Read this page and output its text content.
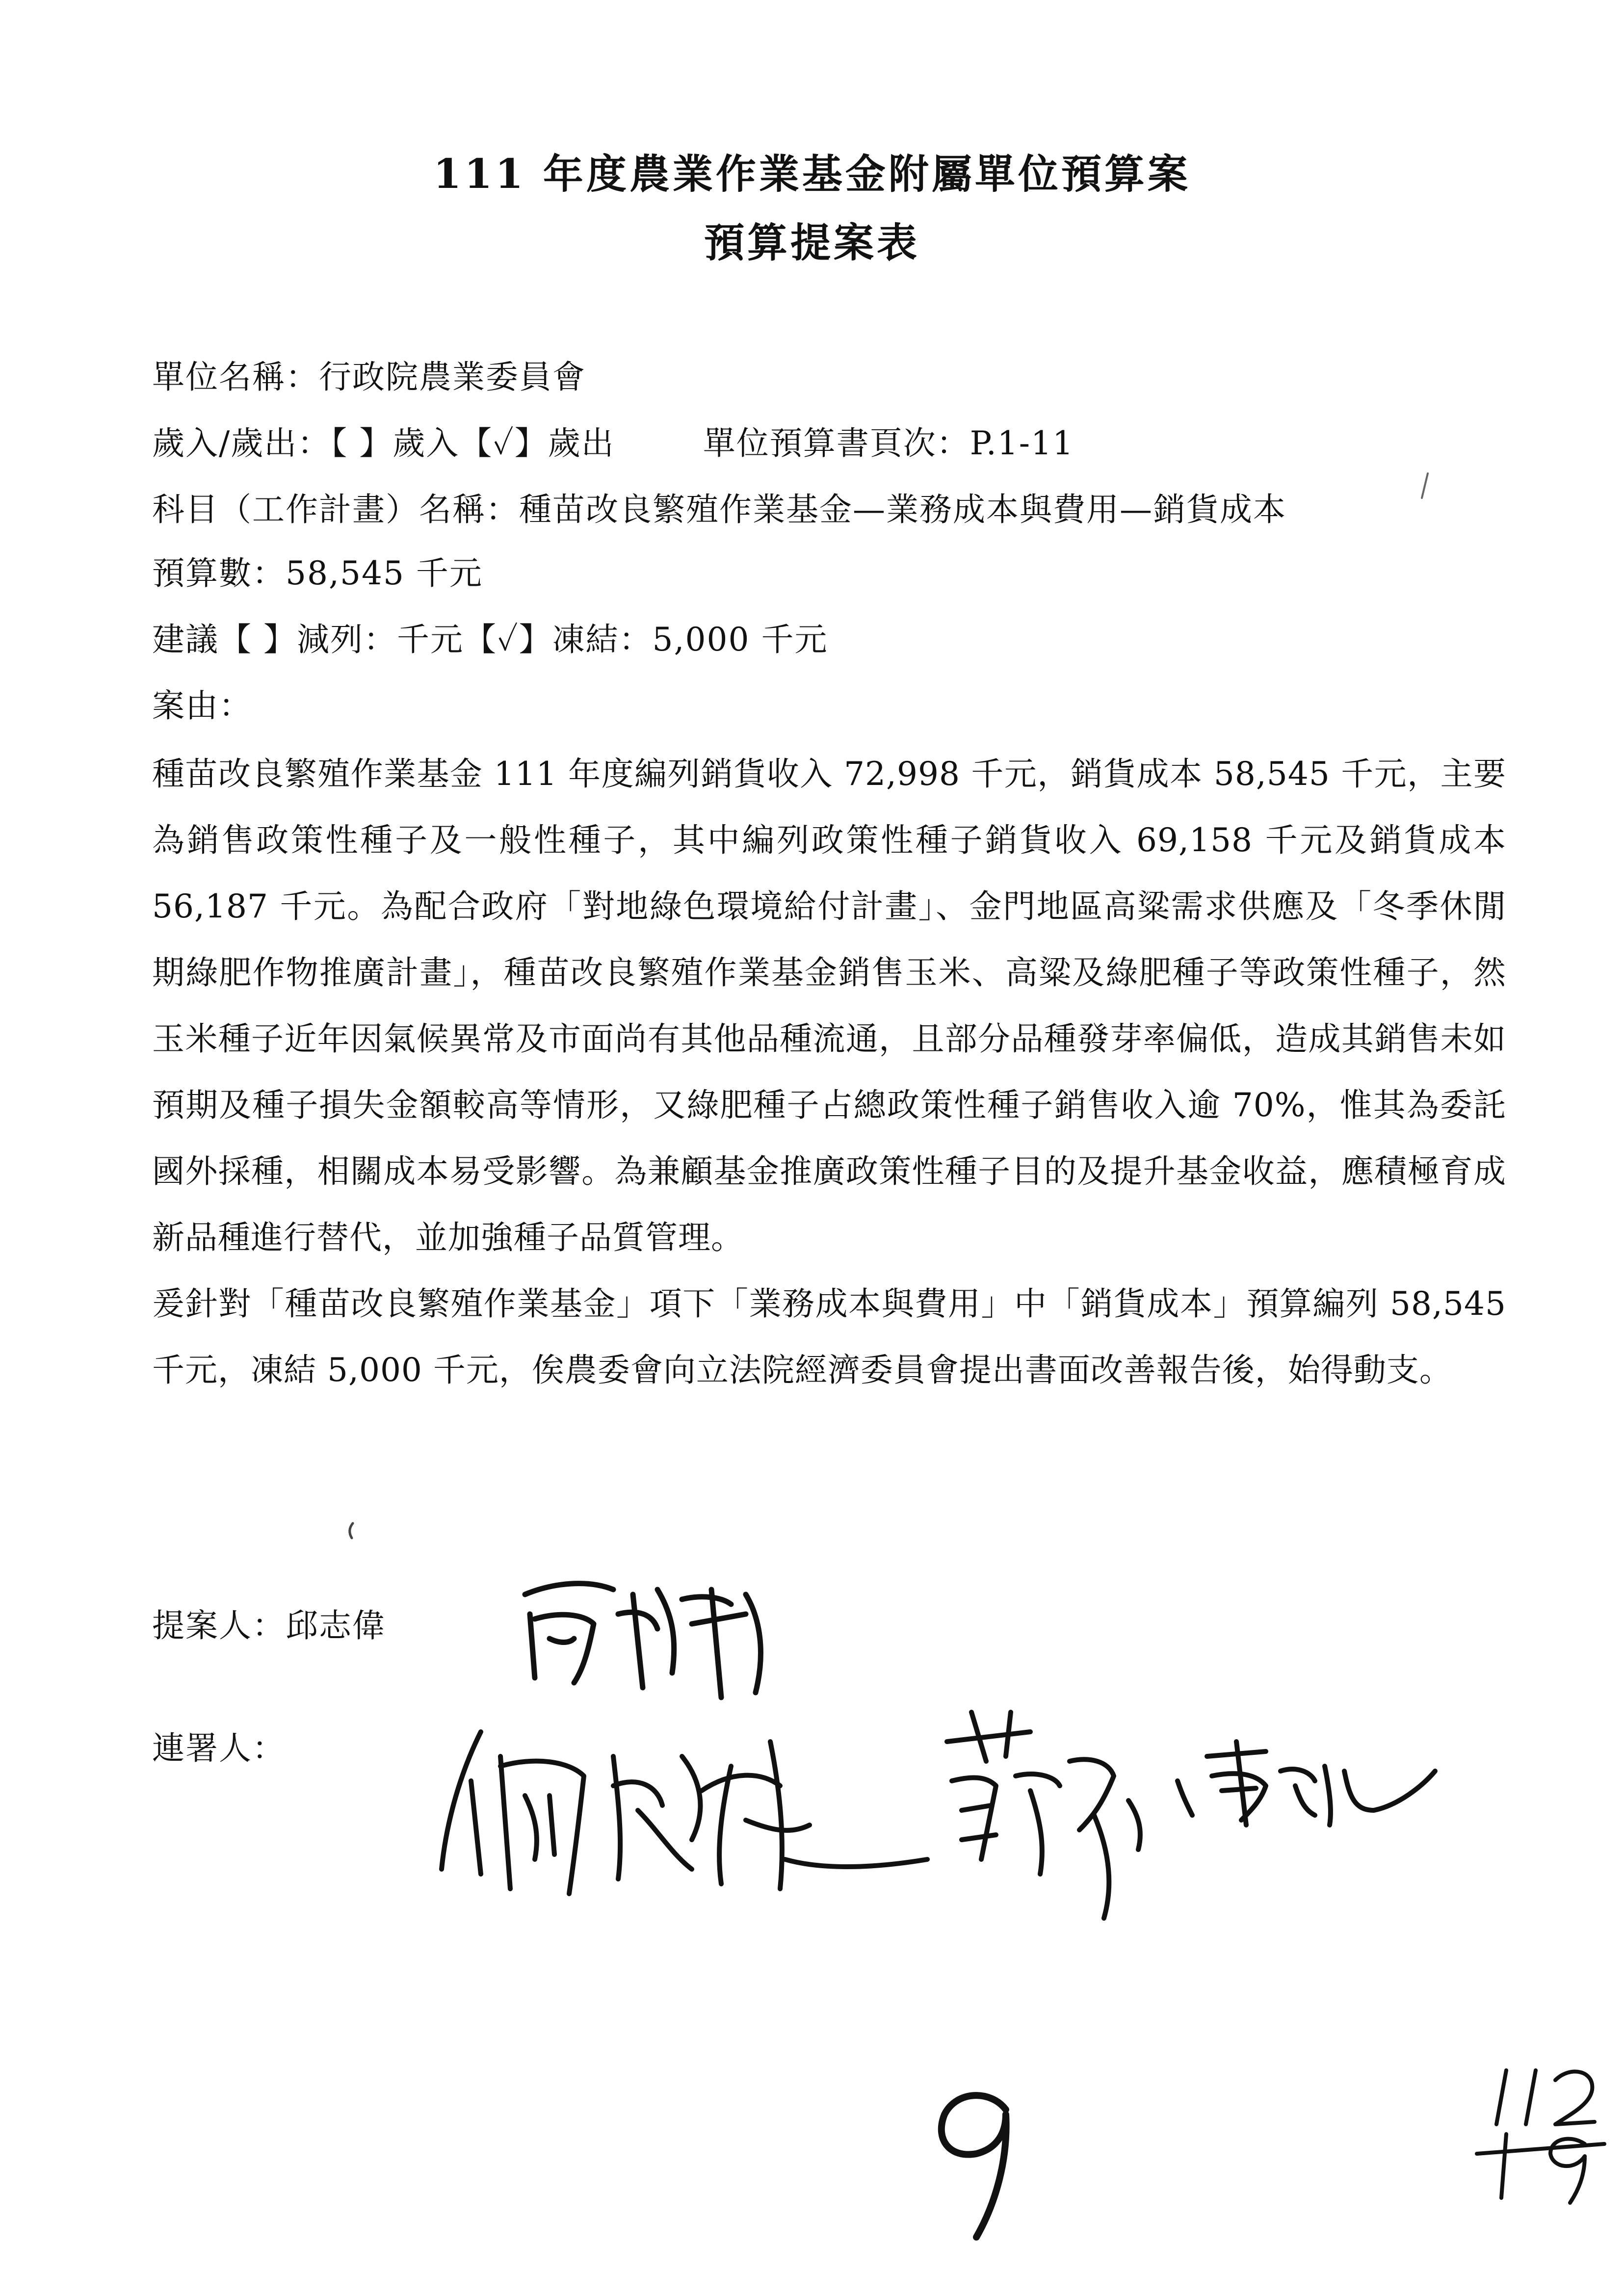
111 年度農業作業基金附屬單位預算案
預算提案表
單位名稱：行政院農業委員會
歲入/歲出：【 】歲入【✓】歲出	單位預算書頁次：P.1-11
科目（工作計畫）名稱：種苗改良繁殖作業基金—業務成本與費用—銷貨成本
預算數：58,545 千元
建議【 】減列：千元【✓】凍結：5,000 千元
案由：

種苗改良繁殖作業基金 111 年度編列銷貨收入 72,998 千元，銷貨成本 58,545 千元，主要為銷售政策性種子及一般性種子，其中編列政策性種子銷貨收入 69,158 千元及銷貨成本 56,187 千元。為配合政府「對地綠色環境給付計畫」、金門地區高粱需求供應及「冬季休閒期綠肥作物推廣計畫」，種苗改良繁殖作業基金銷售玉米、高粱及綠肥種子等政策性種子，然玉米種子近年因氣候異常及市面尚有其他品種流通，且部分品種發芽率偏低，造成其銷售未如預期及種子損失金額較高等情形，又綠肥種子占總政策性種子銷售收入逾 70%，惟其為委託國外採種，相關成本易受影響。為兼顧基金推廣政策性種子目的及提升基金收益，應積極育成新品種進行替代，並加強種子品質管理。

爰針對「種苗改良繁殖作業基金」項下「業務成本與費用」中「銷貨成本」預算編列 58,545 千元，凍結 5,000 千元，俟農委會向立法院經濟委員會提出書面改善報告後，始得動支。

提案人：邱志偉
連署人：
